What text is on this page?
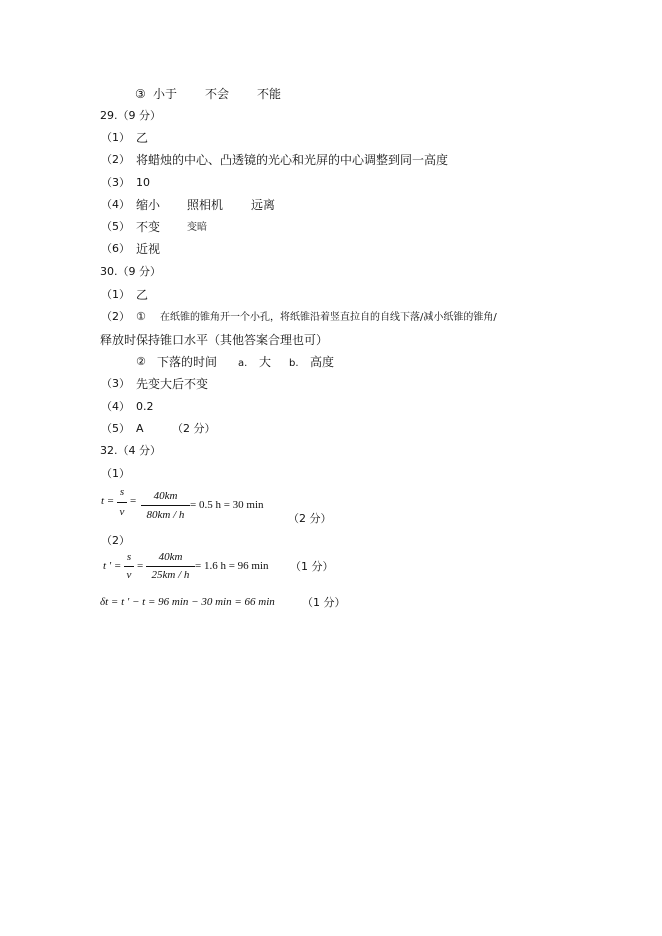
③ 小于 不会 不能
29.（9 分）
（1） 乙
（2） 将蜡烛的中心、凸透镜的光心和光屏的中心调整到同一高度
（3） 10
（4） 缩小 照相机 远离
（5） 不变	变暗
（6） 近视
30.（9 分）
（1） 乙
（2） ① 在纸锥的锥角开一个小孔，将纸锥沿着竖直拉自的自线下落/减小纸锥的锥角/
释放时保持锥口水平（其他答案合理也可）
② 下落的时间 a. 大 b. 高度
（3） 先变大后不变
（4） 0.2
（5） A	（2 分）
32.（4 分）
（1）
t =
s
v
=	40km
80km / h
= 0.5 h = 30 min
（2 分）
（2）
t ' =
s
v
=
40km
25km / h
= 1.6 h = 96 min （1 分）
δt = t ' − t = 96 min − 30 min = 66 min （1 分）
